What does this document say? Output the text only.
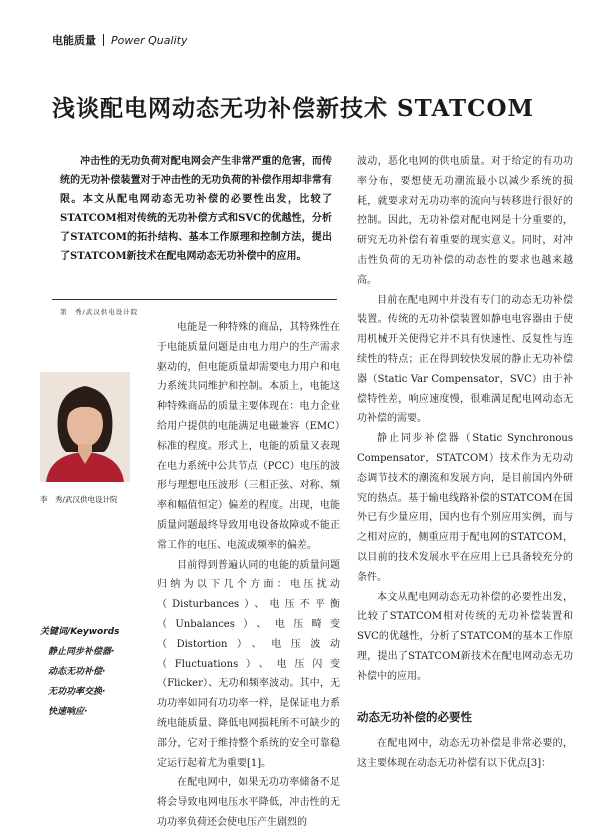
电能质量 Power Quality
浅谈配电网动态无功补偿新技术 STATCOM
冲击性的无功负荷对配电网会产生非常严重的危害，而传统的无功补偿装置对于冲击性的无功负荷的补偿作用却非常有限。本文从配电网动态无功补偿的必要性出发，比较了STATCOM相对传统的无功补偿方式和SVC的优越性，分析了STATCOM的拓扑结构、基本工作原理和控制方法，提出了STATCOM新技术在配电网动态无功补偿中的应用。
第　秀/武汉供电设计院
李　秀/武汉供电设计院
关键词/Keywords
静止同步补偿器·
动态无功补偿·
无功功率交换·
快速响应·

电能是一种特殊的商品，其特殊性在于电能质量问题是由电力用户的生产需求驱动的，但电能质量却需要电力用户和电力系统共同维护和控制。本质上，电能这种特殊商品的质量主要体现在：电力企业给用户提供的电能满足电磁兼容（EMC）标准的程度。形式上，电能的质量又表现在电力系统中公共节点（PCC）电压的波形与理想电压波形（三相正弦、对称、频率和幅值恒定）偏差的程度。出现，电能质量问题最终导致用电设备故障或不能正常工作的电压、电流或频率的偏差。

目前得到普遍认同的电能的质量问题归纳为以下几个方面：电压扰动（Disturbances）、电压不平衡（Unbalances）、电压畸变（Distortion）、电压波动（Fluctuations）、电压闪变（Flicker）、无功和频率波动。其中，无功功率如同有功功率一样，是保证电力系统电能质量、降低电网损耗所不可缺少的部分，它对于维持整个系统的安全可靠稳定运行起着尤为重要[1]。

在配电网中，如果无功功率储备不足将会导致电网电压水平降低，冲击性的无功功率负荷还会使电压产生剧烈的

波动，恶化电网的供电质量。对于给定的有功功率分布，要想使无功潮流最小以减少系统的损耗，就要求对无功功率的流向与转移进行很好的控制。因此，无功补偿对配电网是十分重要的，研究无功补偿有着重要的现实意义。同时，对冲击性负荷的无功补偿的动态性的要求也越来越高。

目前在配电网中并没有专门的动态无功补偿装置。传统的无功补偿装置如静电电容器由于使用机械开关使得它并不具有快速性、反复性与连续性的特点；正在得到较快发展的静止无功补偿器（Static Var Compensator，SVC）由于补偿特性差，响应速度慢，很难满足配电网动态无功补偿的需要。

静止同步补偿器（Static Synchronous Compensator，STATCOM）技术作为无功动态调节技术的潮流和发展方向，是目前国内外研究的热点。基于输电线路补偿的STATCOM在国外已有少量应用，国内也有个别应用实例，而与之相对应的，侧重应用于配电网的STATCOM，以目前的技术发展水平在应用上已具备较充分的条件。

本文从配电网动态无功补偿的必要性出发，比较了STATCOM相对传统的无功补偿装置和SVC的优越性，分析了STATCOM的基本工作原理，提出了STATCOM新技术在配电网动态无功补偿中的应用。

动态无功补偿的必要性

在配电网中，动态无功补偿是非常必要的，这主要体现在动态无功补偿有以下优点[3]：
